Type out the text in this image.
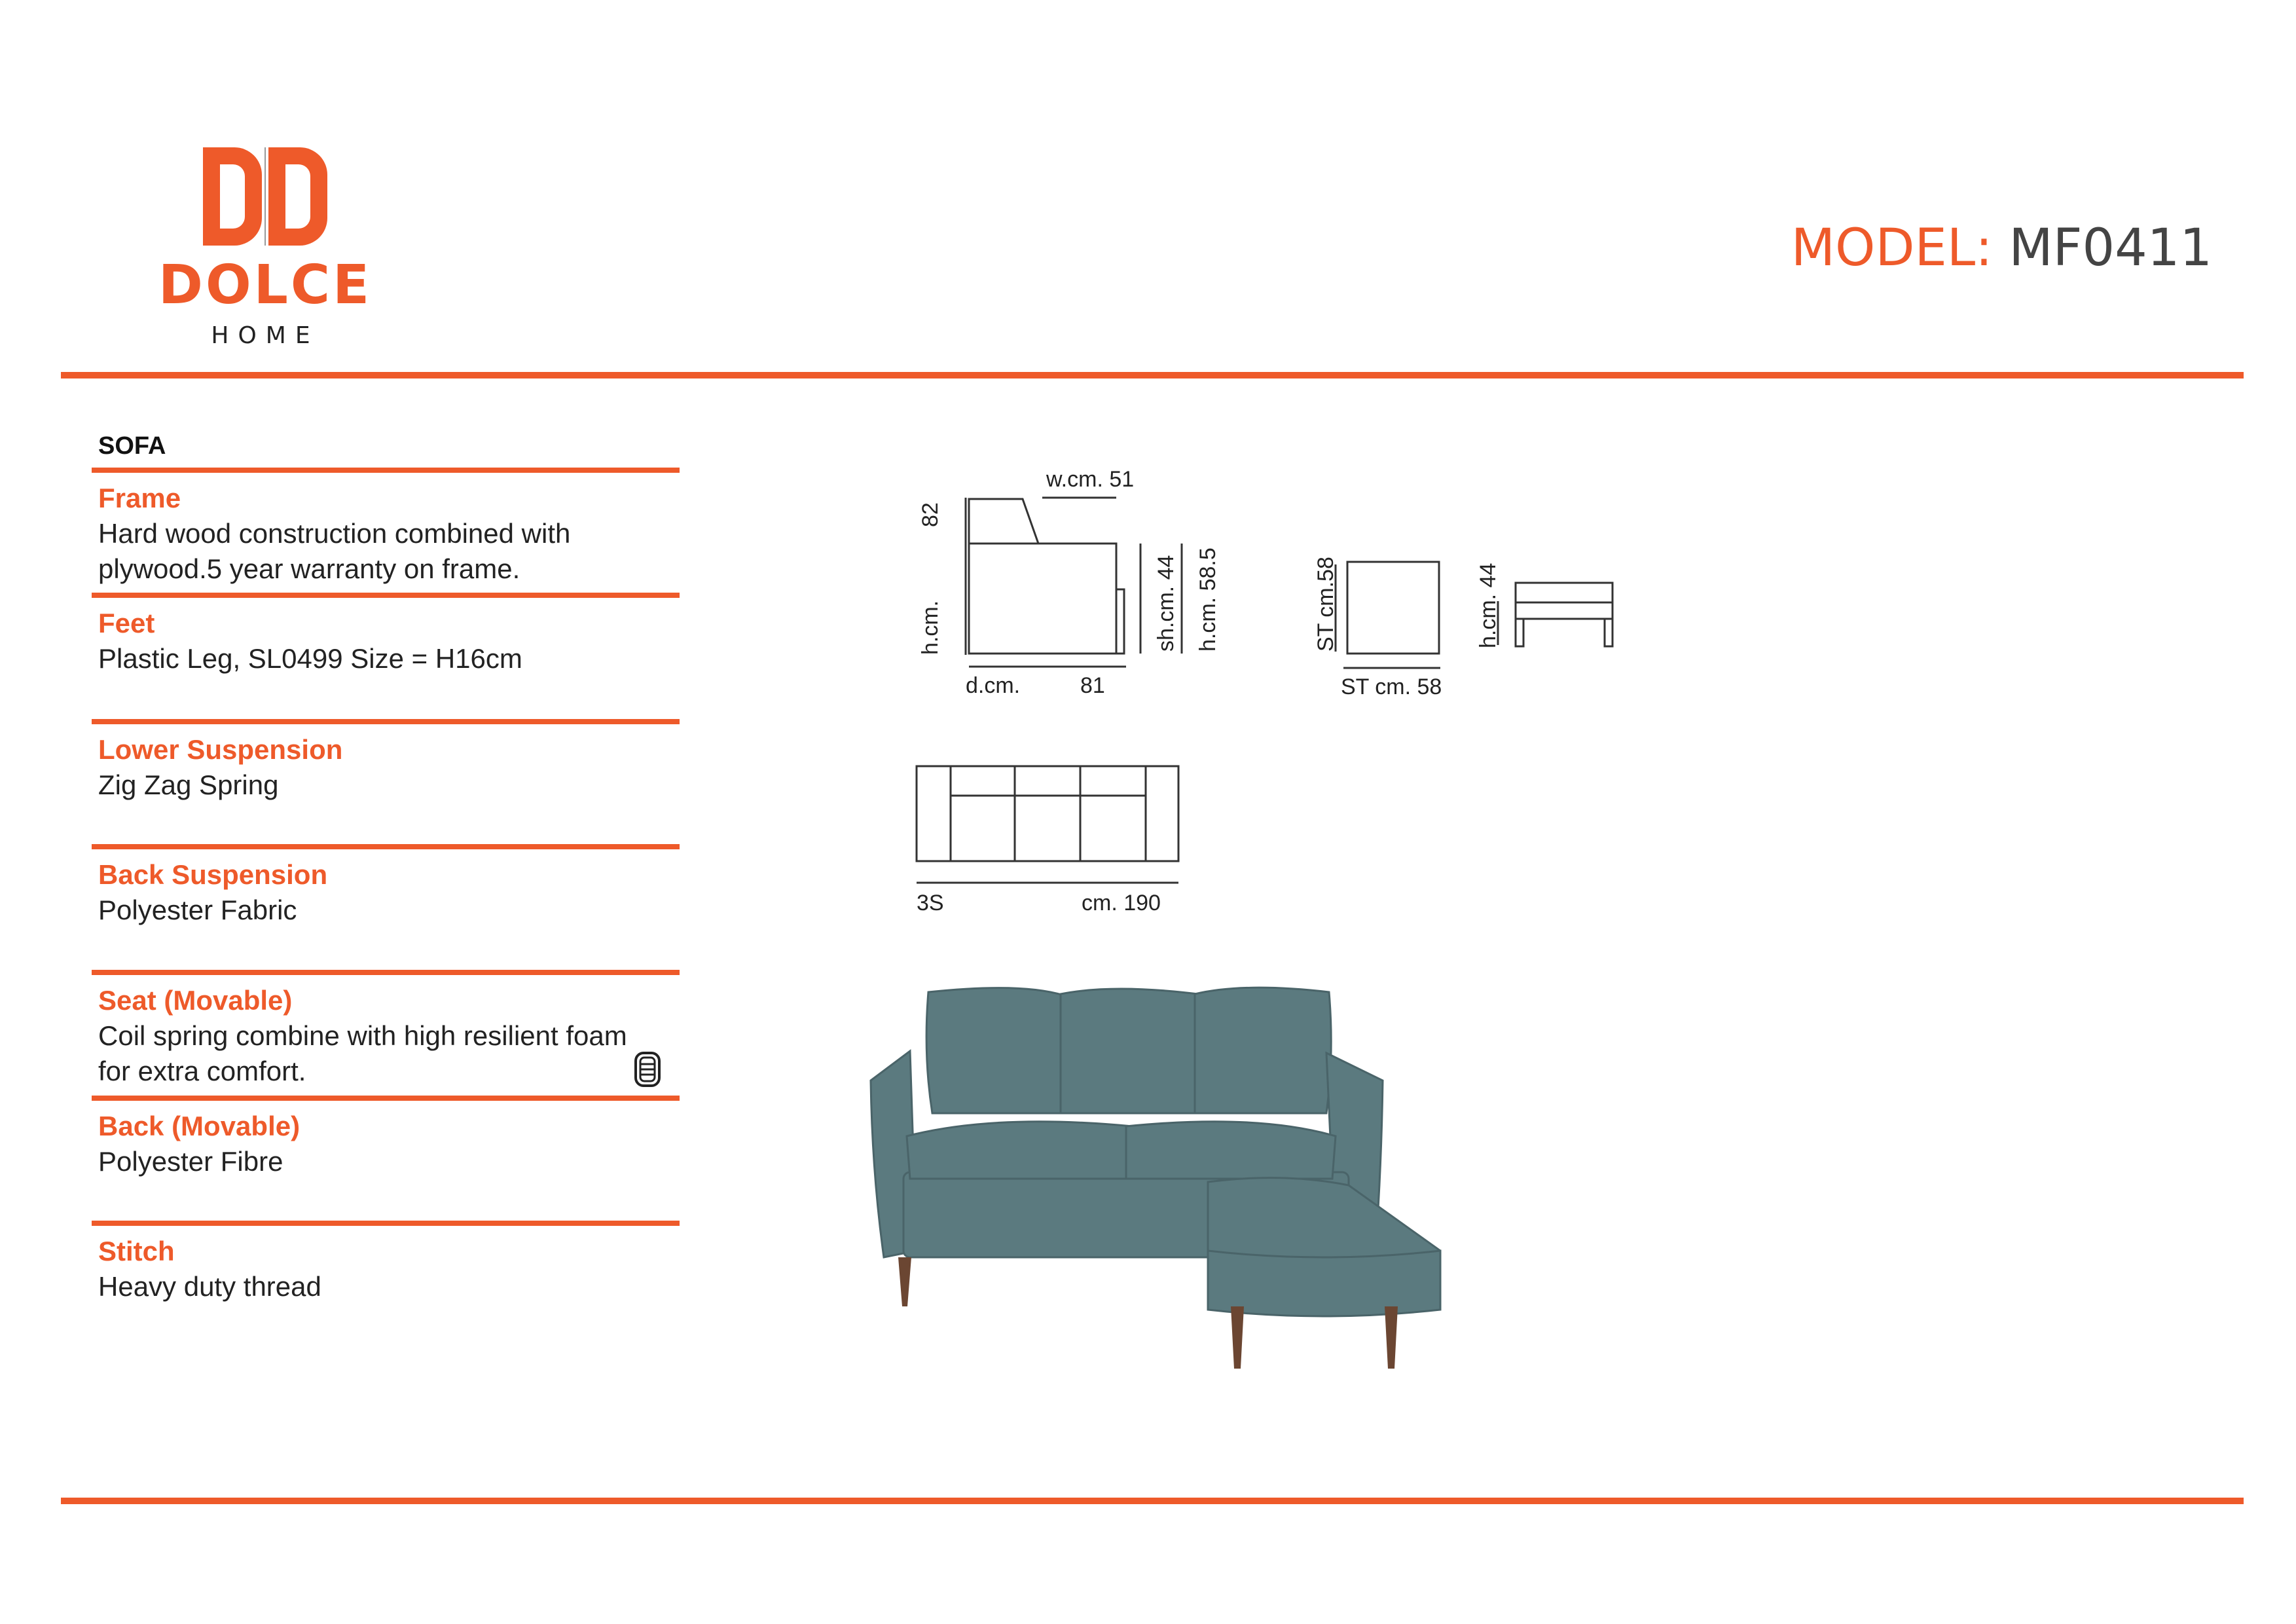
DOLCE
HOME
MODEL: MF0411
SOFA
Frame
Hard wood construction combined with
plywood.5 year warranty on frame.
Feet
Plastic Leg, SL0499 Size = H16cm
Lower Suspension
Zig Zag Spring
Back Suspension
Polyester Fabric
Seat (Movable)
Coil spring combine with high resilient foam
for extra comfort.
Back (Movable)
Polyester Fibre
Stitch
Heavy duty thread
w.cm. 51
82
h.cm.
d.cm.	81
sh.cm. 44 h.cm. 58.5	ST cm.58
ST cm. 58
h.cm. 44
3S	cm. 190
